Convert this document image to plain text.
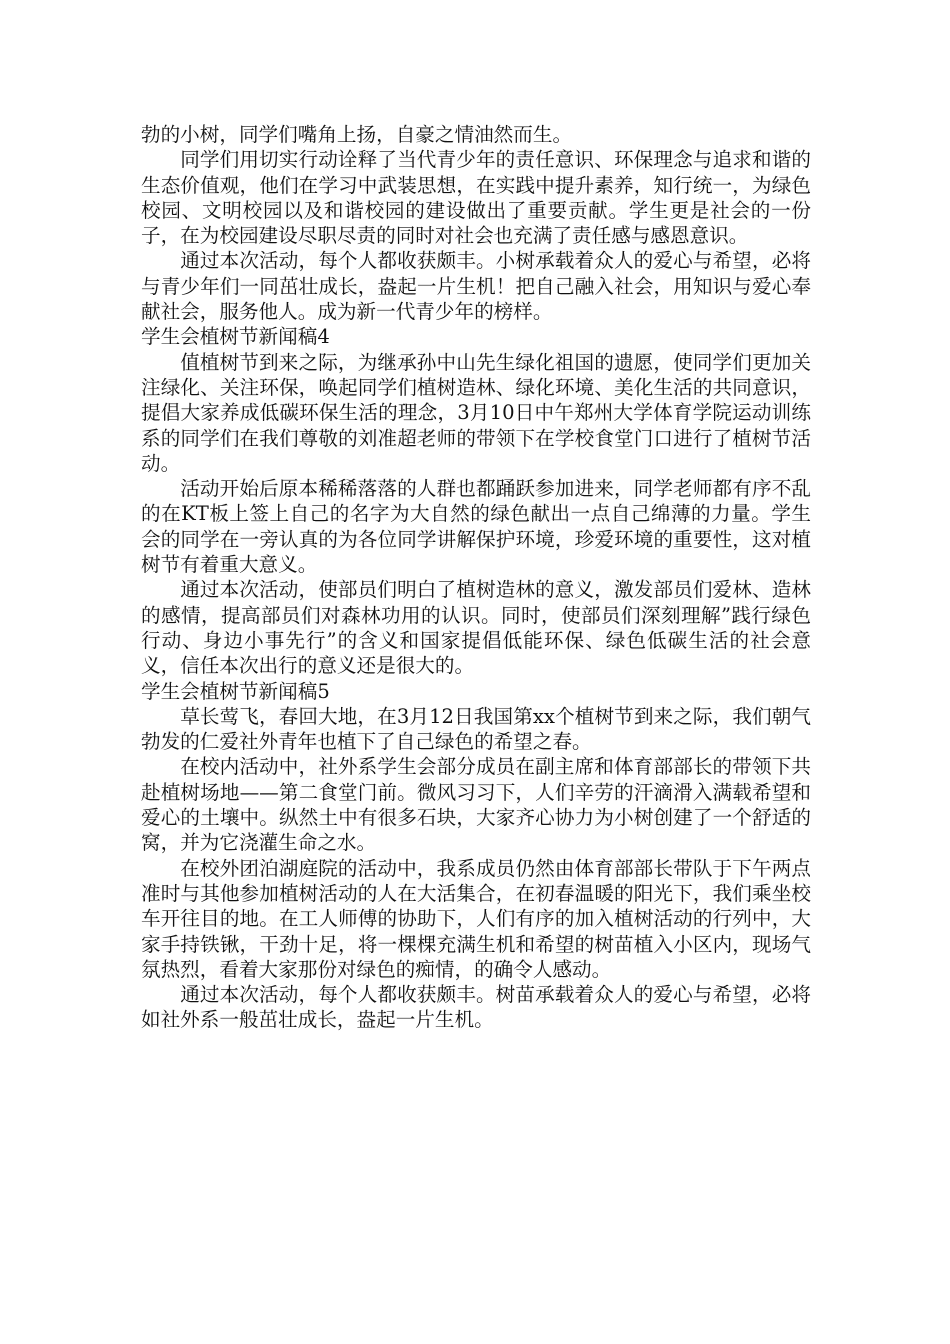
勃的小树，同学们嘴角上扬，自豪之情油然而生。

同学们用切实行动诠释了当代青少年的责任意识、环保理念与追求和谐的生态价值观，他们在学习中武装思想，在实践中提升素养，知行统一，为绿色校园、文明校园以及和谐校园的建设做出了重要贡献。学生更是社会的一份子，在为校园建设尽职尽责的同时对社会也充满了责任感与感恩意识。

通过本次活动，每个人都收获颇丰。小树承载着众人的爱心与希望，必将与青少年们一同茁壮成长，盎起一片生机！把自己融入社会，用知识与爱心奉献社会，服务他人。成为新一代青少年的榜样。

学生会植树节新闻稿4

值植树节到来之际，为继承孙中山先生绿化祖国的遗愿，使同学们更加关注绿化、关注环保，唤起同学们植树造林、绿化环境、美化生活的共同意识，提倡大家养成低碳环保生活的理念，3月10日中午郑州大学体育学院运动训练系的同学们在我们尊敬的刘准超老师的带领下在学校食堂门口进行了植树节活动。

活动开始后原本稀稀落落的人群也都踊跃参加进来，同学老师都有序不乱的在KT板上签上自己的名字为大自然的绿色献出一点自己绵薄的力量。学生会的同学在一旁认真的为各位同学讲解保护环境，珍爱环境的重要性，这对植树节有着重大意义。

通过本次活动，使部员们明白了植树造林的意义，激发部员们爱林、造林的感情，提高部员们对森林功用的认识。同时，使部员们深刻理解”践行绿色行动、身边小事先行”的含义和国家提倡低能环保、绿色低碳生活的社会意义，信任本次出行的意义还是很大的。

学生会植树节新闻稿5

草长莺飞，春回大地，在3月12日我国第xx个植树节到来之际，我们朝气勃发的仁爱社外青年也植下了自己绿色的希望之春。

在校内活动中，社外系学生会部分成员在副主席和体育部部长的带领下共赴植树场地——第二食堂门前。微风习习下，人们辛劳的汗滴滑入满载希望和爱心的土壤中。纵然土中有很多石块，大家齐心协力为小树创建了一个舒适的窝，并为它浇灌生命之水。

在校外团泊湖庭院的活动中，我系成员仍然由体育部部长带队于下午两点准时与其他参加植树活动的人在大活集合，在初春温暖的阳光下，我们乘坐校车开往目的地。在工人师傅的协助下，人们有序的加入植树活动的行列中，大家手持铁锹，干劲十足，将一棵棵充满生机和希望的树苗植入小区内，现场气氛热烈，看着大家那份对绿色的痴情，的确令人感动。

通过本次活动，每个人都收获颇丰。树苗承载着众人的爱心与希望，必将如社外系一般茁壮成长，盎起一片生机。
